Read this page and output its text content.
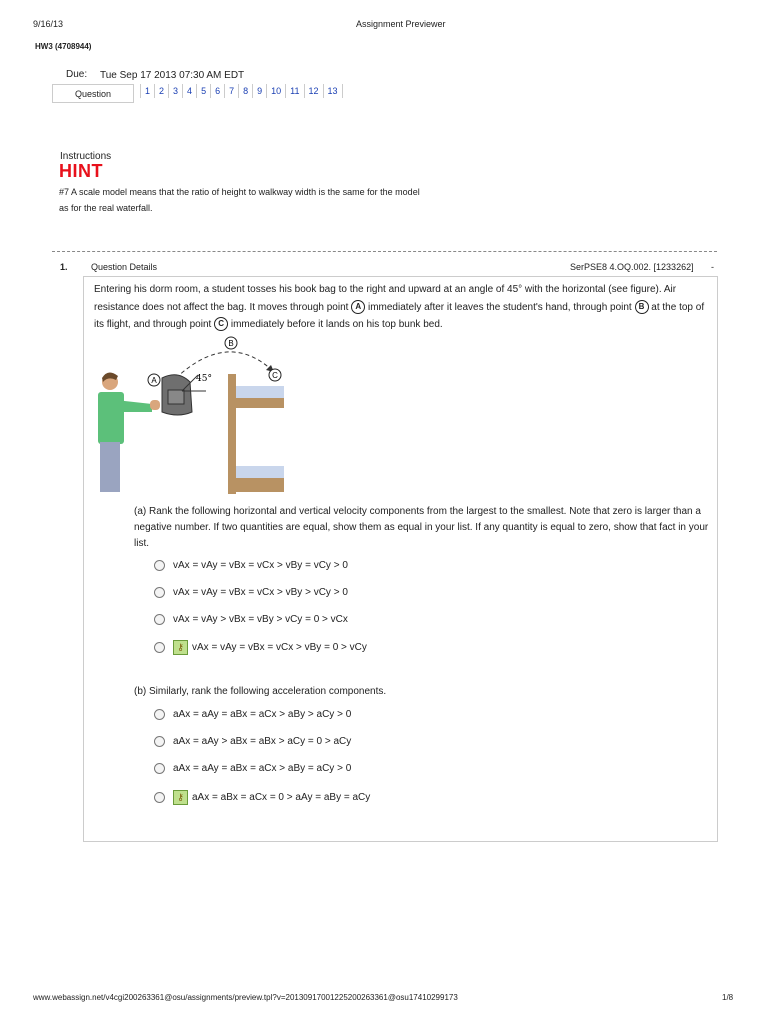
9/16/13	Assignment Previewer
HW3 (4708944)
Due: Tue Sep 17 2013 07:30 AM EDT
Question	1	2	3	4	5	6	7	8	9	10	11	12	13
Instructions
HINT
#7 A scale model means that the ratio of height to walkway width is the same for the model as for the real waterfall.
1.	Question Details	SerPSE8 4.OQ.002. [1233262] -
Entering his dorm room, a student tosses his book bag to the right and upward at an angle of 45° with the horizontal (see figure). Air resistance does not affect the bag. It moves through point A immediately after it leaves the student's hand, through point B at the top of its flight, and through point C immediately before it lands on his top bunk bed.
B
A
C
45°
(a) Rank the following horizontal and vertical velocity components from the largest to the smallest. Note that zero is larger than a negative number. If two quantities are equal, show them as equal in your list. If any quantity is equal to zero, show that fact in your list.
vAx = vAy = vBx = vCx > vBy = vCy > 0
vAx = vAy = vBx = vCx > vBy > vCy > 0
vAx = vAy > vBx = vBy > vCy = 0 > vCx
⚷ vAx = vAy = vBx = vCx > vBy = 0 > vCy
(b) Similarly, rank the following acceleration components.
aAx = aAy = aBx = aCx > aBy > aCy > 0
aAx = aAy > aBx = aBx > aCy = 0 > aCy
aAx = aAy = aBx = aCx > aBy = aCy > 0
⚷ aAx = aBx = aCx = 0 > aAy = aBy = aCy
www.webassign.net/v4cgi200263361@osu/assignments/preview.tpl?v=20130917001225200263361@osu17410299173	1/8
